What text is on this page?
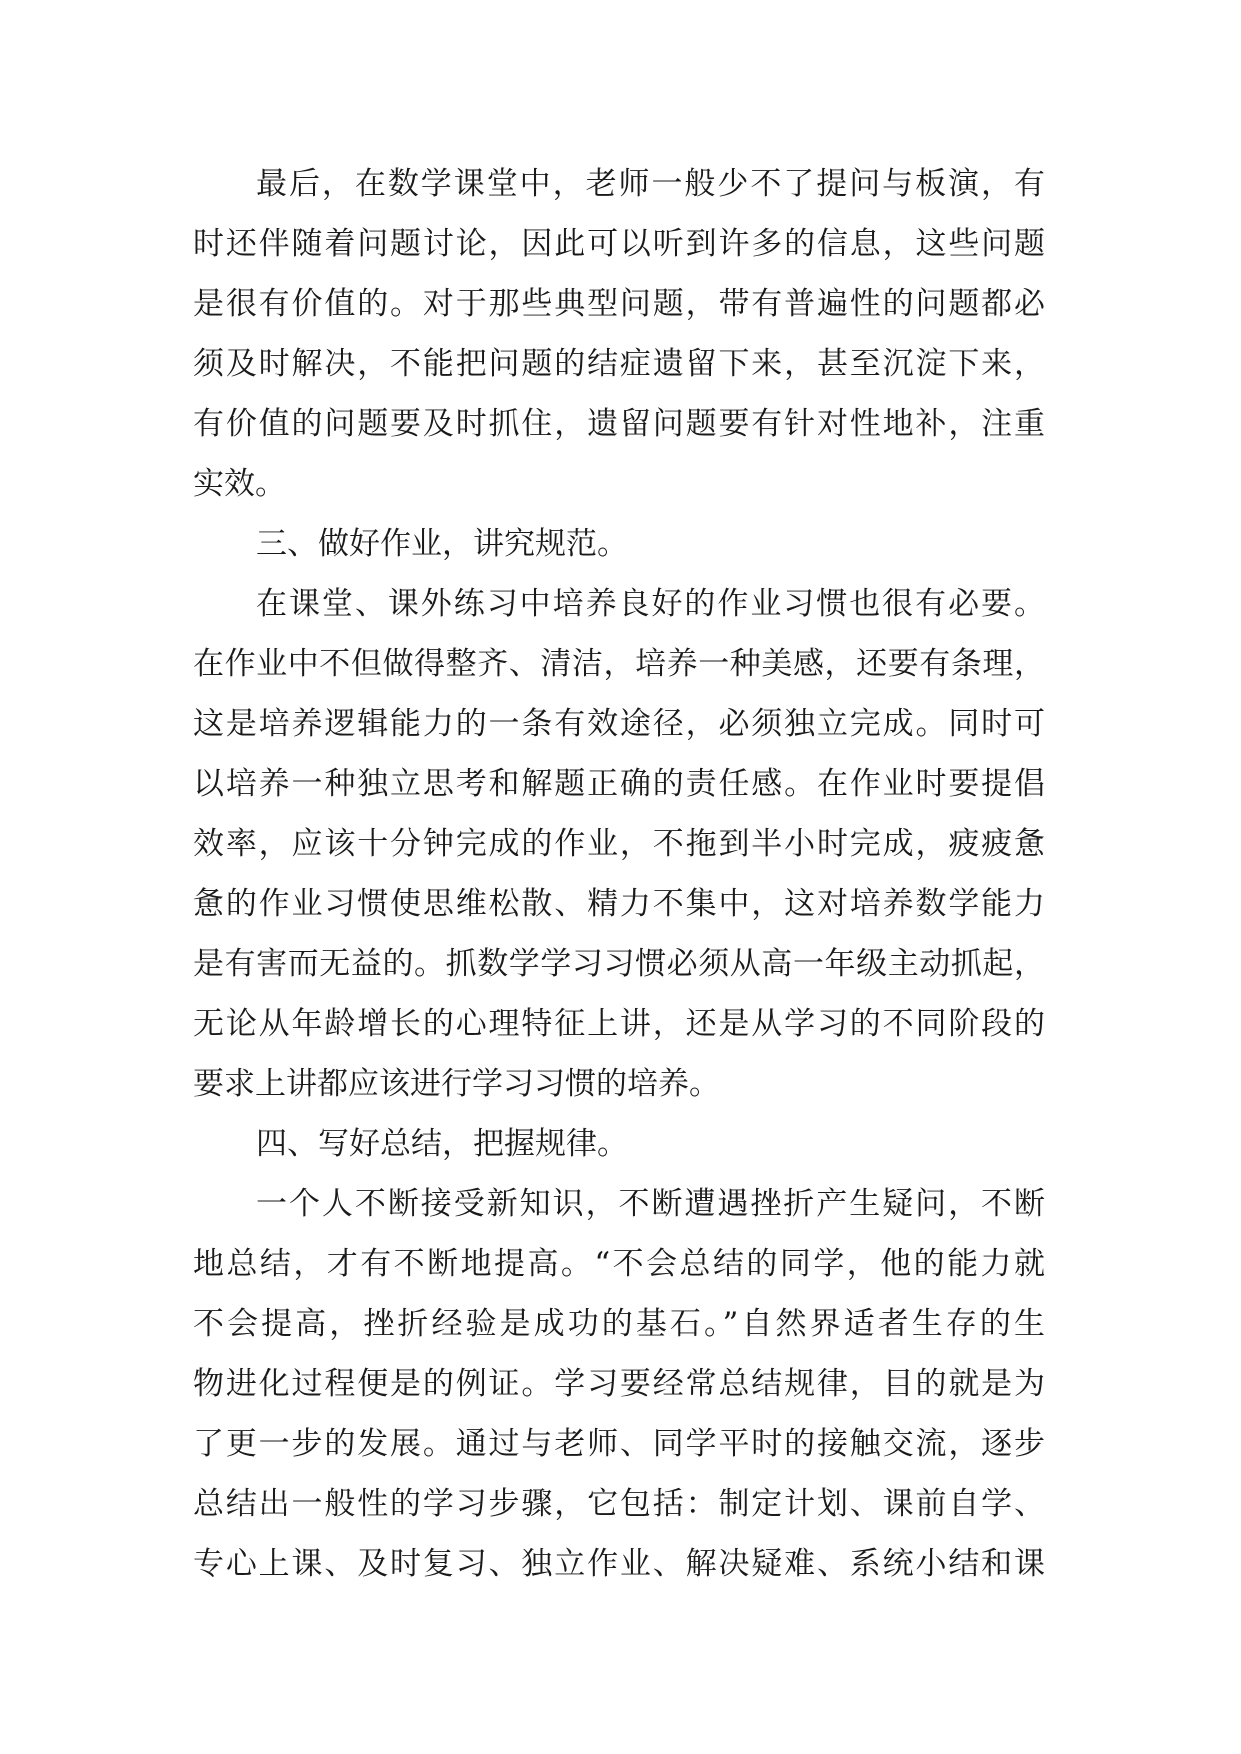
最后，在数学课堂中，老师一般少不了提问与板演，有

时还伴随着问题讨论，因此可以听到许多的信息，这些问题

是很有价值的。对于那些典型问题，带有普遍性的问题都必

须及时解决，不能把问题的结症遗留下来，甚至沉淀下来，

有价值的问题要及时抓住，遗留问题要有针对性地补，注重

实效。

三、做好作业，讲究规范。

在课堂、课外练习中培养良好的作业习惯也很有必要。

在作业中不但做得整齐、清洁，培养一种美感，还要有条理，

这是培养逻辑能力的一条有效途径，必须独立完成。同时可

以培养一种独立思考和解题正确的责任感。在作业时要提倡

效率，应该十分钟完成的作业，不拖到半小时完成，疲疲惫

惫的作业习惯使思维松散、精力不集中，这对培养数学能力

是有害而无益的。抓数学学习习惯必须从高一年级主动抓起，

无论从年龄增长的心理特征上讲，还是从学习的不同阶段的

要求上讲都应该进行学习习惯的培养。

四、写好总结，把握规律。

一个人不断接受新知识，不断遭遇挫折产生疑问，不断

地总结，才有不断地提高。“不会总结的同学，他的能力就

不会提高，挫折经验是成功的基石。”自然界适者生存的生

物进化过程便是的例证。学习要经常总结规律，目的就是为

了更一步的发展。通过与老师、同学平时的接触交流，逐步

总结出一般性的学习步骤，它包括：制定计划、课前自学、

专心上课、及时复习、独立作业、解决疑难、系统小结和课
